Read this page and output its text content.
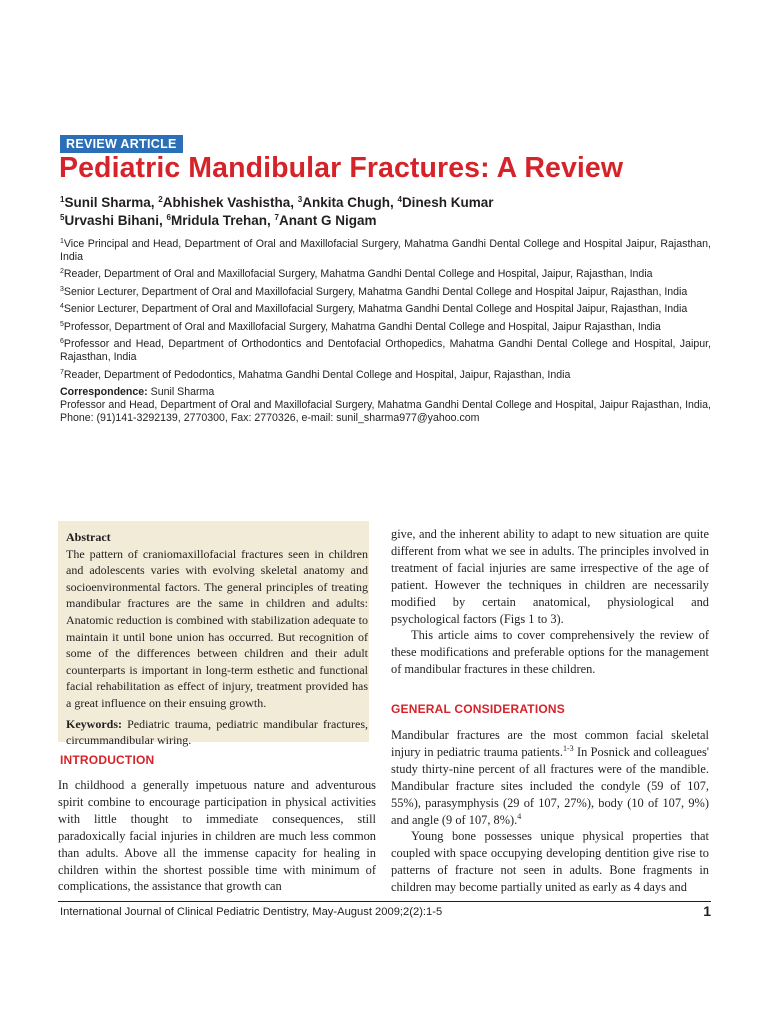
REVIEW ARTICLE
Pediatric Mandibular Fractures: A Review
$^1$Sunil Sharma, $^2$Abhishek Vashistha, $^3$Ankita Chugh, $^4$Dinesh Kumar
$^5$Urvashi Bihani, $^6$Mridula Trehan, $^7$Anant G Nigam

$^1$Vice Principal and Head, Department of Oral and Maxillofacial Surgery, Mahatma Gandhi Dental College and Hospital Jaipur, Rajasthan, India

$^2$Reader, Department of Oral and Maxillofacial Surgery, Mahatma Gandhi Dental College and Hospital, Jaipur, Rajasthan, India

$^3$Senior Lecturer, Department of Oral and Maxillofacial Surgery, Mahatma Gandhi Dental College and Hospital Jaipur, Rajasthan, India

$^4$Senior Lecturer, Department of Oral and Maxillofacial Surgery, Mahatma Gandhi Dental College and Hospital Jaipur, Rajasthan, India

$^5$Professor, Department of Oral and Maxillofacial Surgery, Mahatma Gandhi Dental College and Hospital, Jaipur Rajasthan, India

$^6$Professor and Head, Department of Orthodontics and Dentofacial Orthopedics, Mahatma Gandhi Dental College and Hospital, Jaipur, Rajasthan, India

$^7$Reader, Department of Pedodontics, Mahatma Gandhi Dental College and Hospital, Jaipur, Rajasthan, India

Correspondence: Sunil Sharma
Professor and Head, Department of Oral and Maxillofacial Surgery, Mahatma Gandhi Dental College and Hospital, Jaipur Rajasthan, India, Phone: (91)141-3292139, 2770300, Fax: 2770326, e-mail: sunil_sharma977@yahoo.com

Abstract

The pattern of craniomaxillofacial fractures seen in children and adolescents varies with evolving skeletal anatomy and socioenvironmental factors. The general principles of treating mandibular fractures are the same in children and adults: Anatomic reduction is combined with stabilization adequate to maintain it until bone union has occurred. But recognition of some of the differences between children and their adult counterparts is important in long-term esthetic and functional facial rehabilitation as effect of injury, treatment provided has a great influence on their ensuing growth.

Keywords: Pediatric trauma, pediatric mandibular fractures, circummandibular wiring.

INTRODUCTION

In childhood a generally impetuous nature and adventurous spirit combine to encourage participation in physical activities with little thought to immediate consequences, still paradoxically facial injuries in children are much less common than adults. Above all the immense capacity for healing in children within the shortest possible time with minimum of complications, the assistance that growth can

give, and the inherent ability to adapt to new situation are quite different from what we see in adults. The principles involved in treatment of facial injuries are same irrespective of the age of patient. However the techniques in children are necessarily modified by certain anatomical, physiological and psychological factors (Figs 1 to 3).

This article aims to cover comprehensively the review of these modifications and preferable options for the management of mandibular fractures in these children.

GENERAL CONSIDERATIONS

Mandibular fractures are the most common facial skeletal injury in pediatric trauma patients.$^{1-3}$ In Posnick and colleagues' study thirty-nine percent of all fractures were of the mandible. Mandibular fracture sites included the condyle (59 of 107, 55%), parasymphysis (29 of 107, 27%), body (10 of 107, 9%) and angle (9 of 107, 8%).$^4$

Young bone possesses unique physical properties that coupled with space occupying developing dentition give rise to patterns of fracture not seen in adults. Bone fragments in children may become partially united as early as 4 days and

International Journal of Clinical Pediatric Dentistry, May-August 2009;2(2):1-5	1
